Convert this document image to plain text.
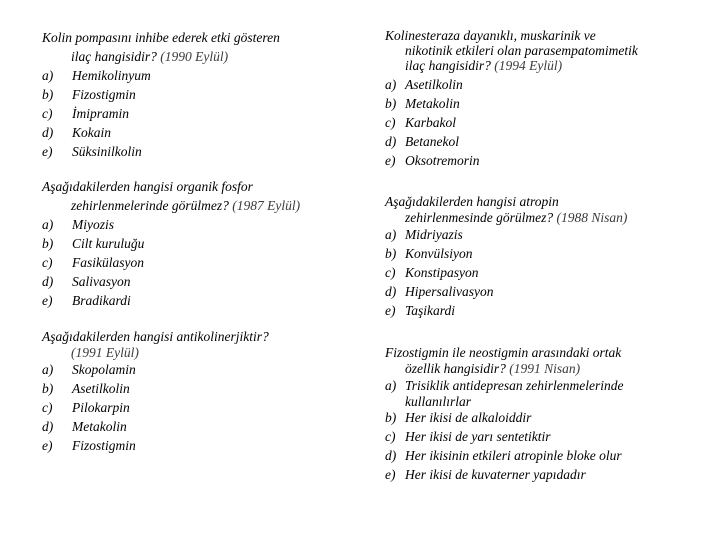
Kolin pompasını inhibe ederek etki gösteren
ilaç hangisidir? (1990 Eylül)
a)	Hemikolinyum
b)	Fizostigmin
c)	İmipramin
d)	Kokain
e)	Süksinilkolin
Aşağıdakilerden hangisi organik fosfor
zehirlenmelerinde görülmez? (1987 Eylül)
a)	Miyozis
b)	Cilt kuruluğu
c)	Fasikülasyon
d)	Salivasyon
e)	Bradikardi
Aşağıdakilerden hangisi antikolinerjiktir?
(1991 Eylül)
a)	Skopolamin
b)	Asetilkolin
c)	Pilokarpin
d)	Metakolin
e)	Fizostigmin
Kolinesteraza dayanıklı, muskarinik ve
nikotinik etkileri olan parasempatomimetik
ilaç hangisidir? (1994 Eylül)
a) Asetilkolin
b) Metakolin
c) Karbakol
d) Betanekol
e) Oksotremorin
Aşağıdakilerden hangisi atropin
zehirlenmesinde görülmez? (1988 Nisan)
a) Midriyazis
b) Konvülsiyon
c) Konstipasyon
d) Hipersalivasyon
e) Taşikardi
Fizostigmin ile neostigmin arasındaki ortak
özellik hangisidir? (1991 Nisan)
a) Trisiklik antidepresan zehirlenmelerinde
kullanılırlar
b) Her ikisi de alkaloiddir
c) Her ikisi de yarı sentetiktir
d) Her ikisinin etkileri atropinle bloke olur
e) Her ikisi de kuvaterner yapıdadır
